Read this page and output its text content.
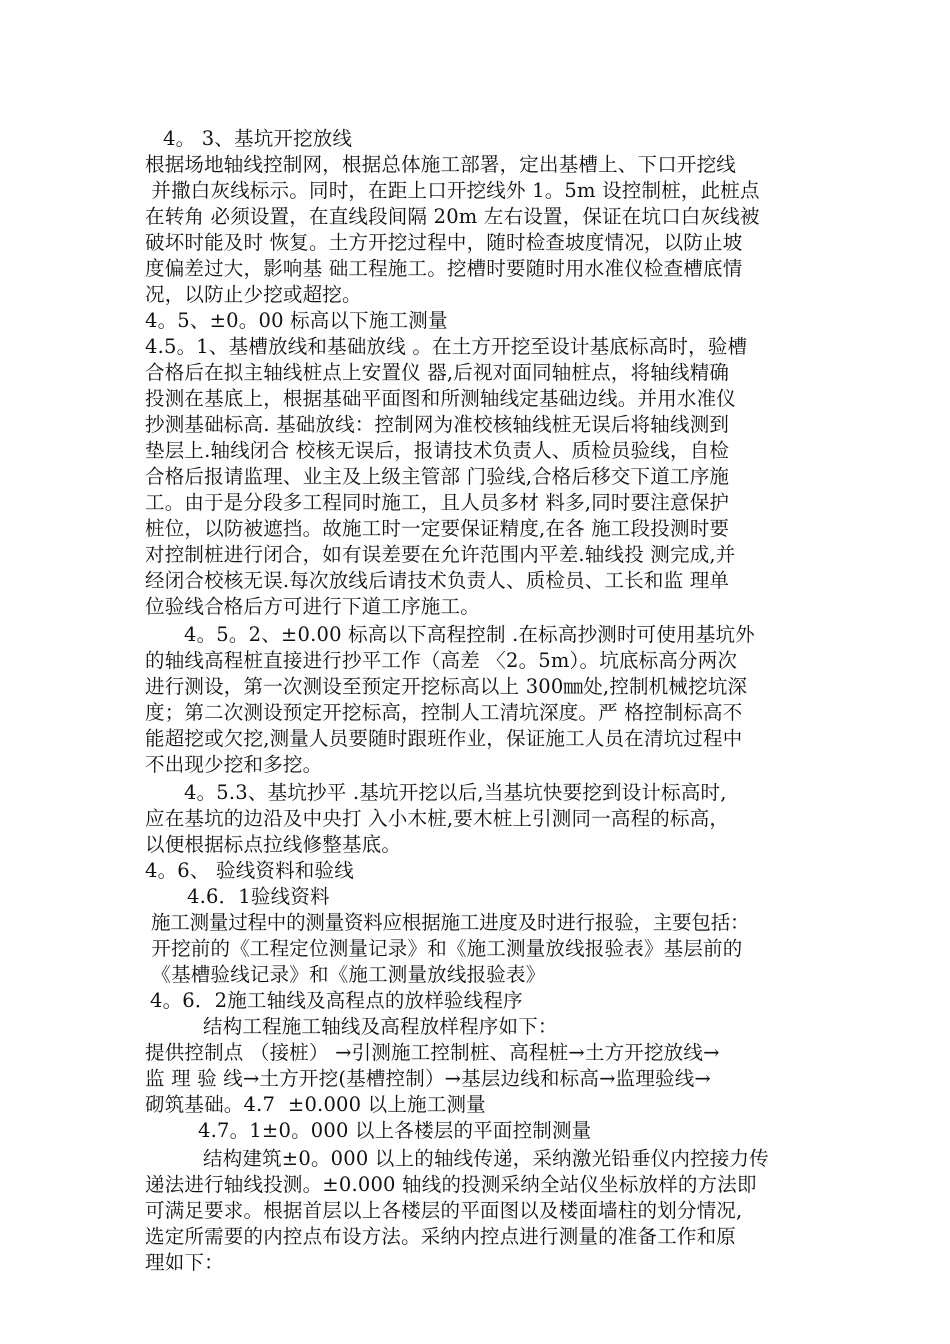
4。 3、基坑开挖放线
根据场地轴线控制网，根据总体施工部署，定出基槽上、下口开挖线
并撒白灰线标示。同时，在距上口开挖线外 1。5m 设控制桩，此桩点
在转角 必须设置，在直线段间隔 20m 左右设置，保证在坑口白灰线被
破坏时能及时 恢复。土方开挖过程中，随时检查坡度情况，以防止坡
度偏差过大，影响基 础工程施工。挖槽时要随时用水准仪检查槽底情
况，以防止少挖或超挖。
4。5、±0。00 标高以下施工测量
4.5。1、基槽放线和基础放线 。在土方开挖至设计基底标高时，验槽
合格后在拟主轴线桩点上安置仪 器,后视对面同轴桩点，将轴线精确
投测在基底上，根据基础平面图和所测轴线定基础边线。并用水准仪
抄测基础标高. 基础放线：控制网为准校核轴线桩无误后将轴线测到
垫层上.轴线闭合 校核无误后，报请技术负责人、质检员验线，自检
合格后报请监理、业主及上级主管部 门验线,合格后移交下道工序施
工。由于是分段多工程同时施工，且人员多材 料多,同时要注意保护
桩位，以防被遮挡。故施工时一定要保证精度,在各 施工段投测时要
对控制桩进行闭合，如有误差要在允许范围内平差.轴线投 测完成,并
经闭合校核无误.每次放线后请技术负责人、质检员、工长和监 理单
位验线合格后方可进行下道工序施工。
4。5。2、±0.00 标高以下高程控制 .在标高抄测时可使用基坑外
的轴线高程桩直接进行抄平工作（高差 〈2。5m）。坑底标高分两次
进行测设，第一次测设至预定开挖标高以上 300㎜处,控制机械挖坑深
度；第二次测设预定开挖标高，控制人工清坑深度。严 格控制标高不
能超挖或欠挖,测量人员要随时跟班作业，保证施工人员在清坑过程中
不出现少挖和多挖。
4。5.3、基坑抄平 .基坑开挖以后,当基坑快要挖到设计标高时,
应在基坑的边沿及中央打 入小木桩,要木桩上引测同一高程的标高，
以便根据标点拉线修整基底。
4。6、 验线资料和验线
4.6．1验线资料
施工测量过程中的测量资料应根据施工进度及时进行报验，主要包括：
开挖前的《工程定位测量记录》和《施工测量放线报验表》基层前的
《基槽验线记录》和《施工测量放线报验表》
4。6．2施工轴线及高程点的放样验线程序
结构工程施工轴线及高程放样程序如下：
提供控制点 （接桩） →引测施工控制桩、高程桩→土方开挖放线→
监 理 验 线→土方开挖(基槽控制）→基层边线和标高→监理验线→
砌筑基础。4.7  ±0.000 以上施工测量
4.7。1±0。000 以上各楼层的平面控制测量
结构建筑±0。000 以上的轴线传递，采纳激光铅垂仪内控接力传
递法进行轴线投测。±0.000 轴线的投测采纳全站仪坐标放样的方法即
可满足要求。根据首层以上各楼层的平面图以及楼面墙柱的划分情况,
选定所需要的内控点布设方法。采纳内控点进行测量的准备工作和原
理如下：
